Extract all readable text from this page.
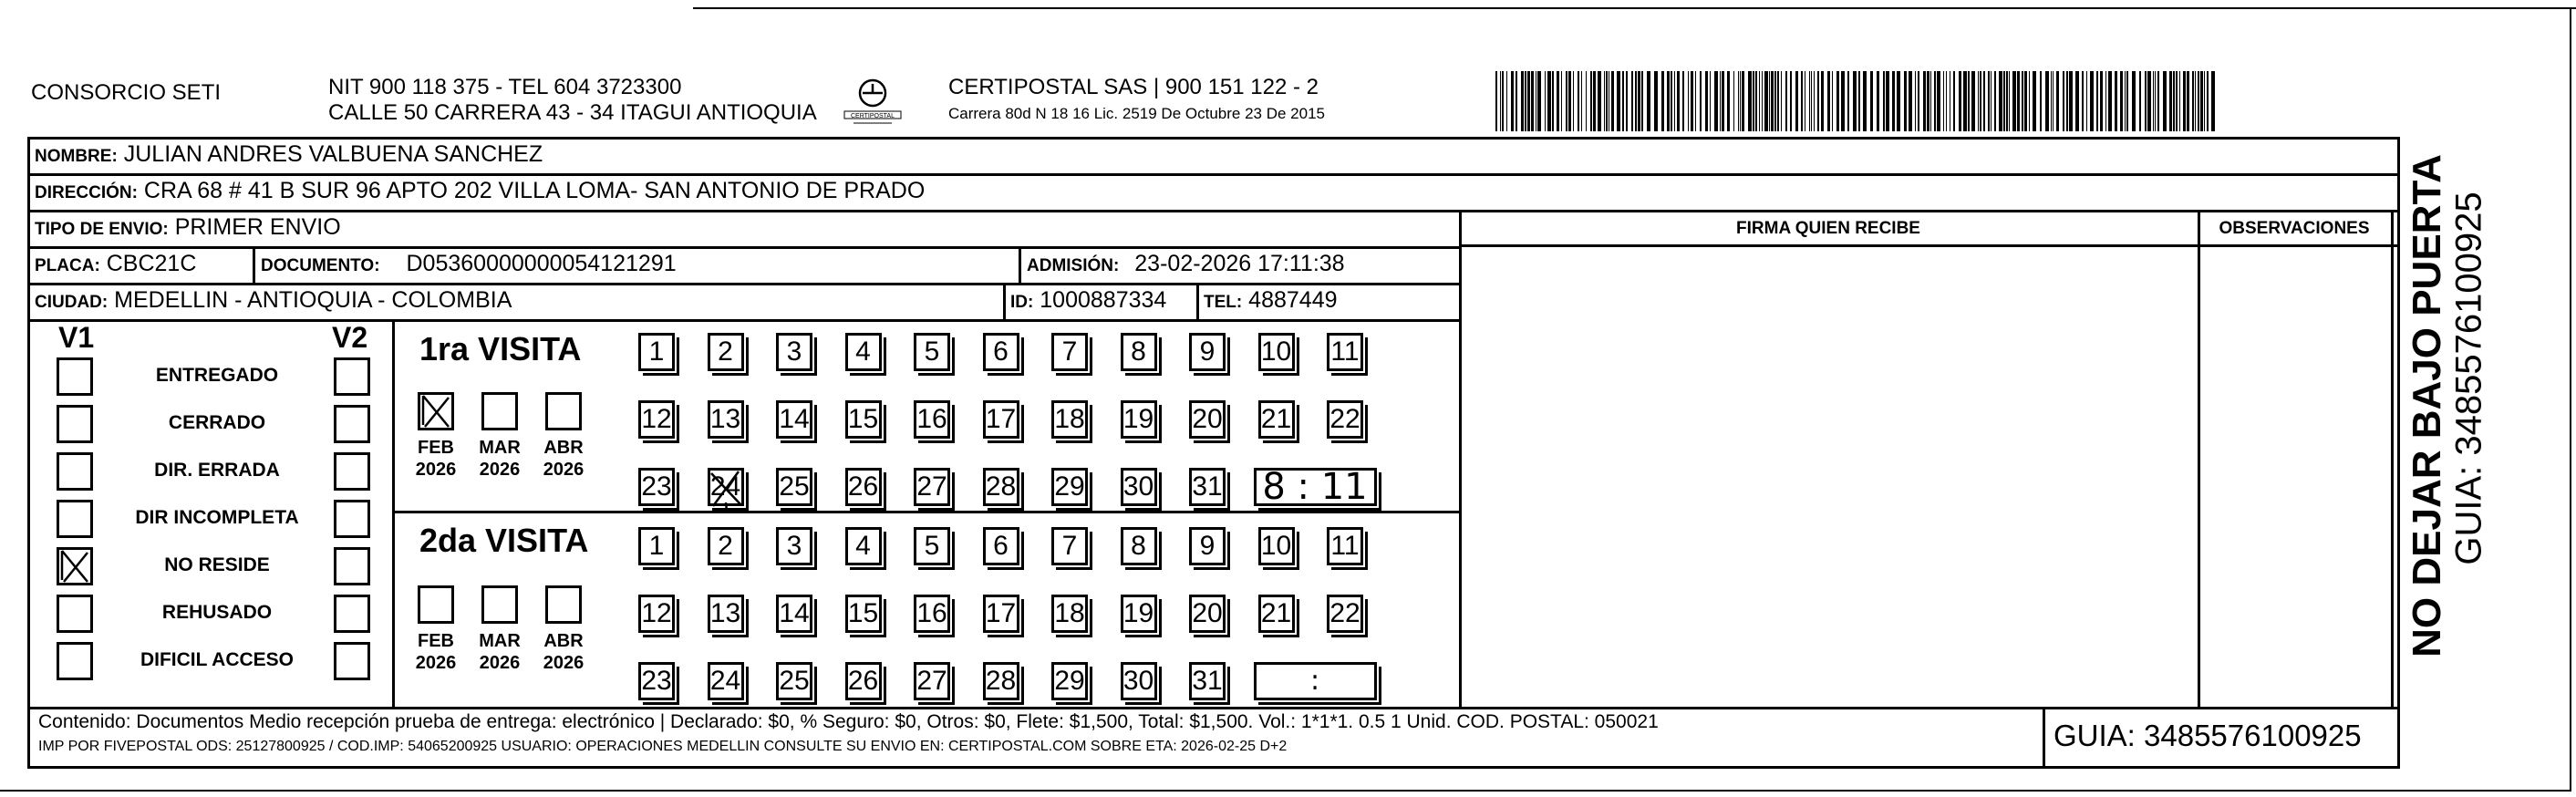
CONSORCIO SETI	NIT 900 118 375 - TEL 604 3723300
CALLE 50 CARRERA 43 - 34 ITAGUI ANTIOQUIA	CERTIPOSTAL
CERTIPOSTAL SAS | 900 151 122 - 2
Carrera 80d N 18 16 Lic. 2519 De Octubre 23 De 2015
NOMBRE: JULIAN ANDRES VALBUENA SANCHEZ
DIRECCIÓN: CRA 68 # 41 B SUR 96 APTO 202 VILLA LOMA- SAN ANTONIO DE PRADO
TIPO DE ENVIO: PRIMER ENVIO	FIRMA QUIEN RECIBE	OBSERVACIONES
PLACA: CBC21C	DOCUMENTO: D05360000000054121291	ADMISIÓN: 23-02-2026 17:11:38
CIUDAD: MEDELLIN - ANTIOQUIA - COLOMBIA	ID: 1000887334 TEL: 4887449
V1	V2 1ra VISITA
2da VISITA
Contenido: Documentos Medio recepción prueba de entrega: electrónico | Declarado: $0, % Seguro: $0, Otros: $0, Flete: $1,500, Total: $1,500. Vol.: 1*1*1. 0.5 1 Unid. COD. POSTAL: 050021
IMP POR FIVEPOSTAL ODS: 25127800925 / COD.IMP: 54065200925 USUARIO: OPERACIONES MEDELLIN CONSULTE SU ENVIO EN: CERTIPOSTAL.COM SOBRE ETA: 2026-02-25 D+2	GUIA: 3485576100925
NO DEJAR BAJO PUERTA GUIA: 3485576100925
ENTREGADO
CERRADO
DIR. ERRADA
DIR INCOMPLETA
NO RESIDE
REHUSADO
DIFICIL ACCESO
FEB
2026
MAR
2026
ABR
2026
FEB
2026
MAR
2026
ABR
2026
1	2	3	4	5	6	7	8	9	10 11
12 13 14 15 16 17 18 19 20 21 22
23 24 25 26 27 28 29 30 31 8 : 11
1	2	3	4	5	6	7	8	9	10 11
12 13 14 15 16 17 18 19 20 21 22
23 24 25 26 27 28 29 30 31	:
